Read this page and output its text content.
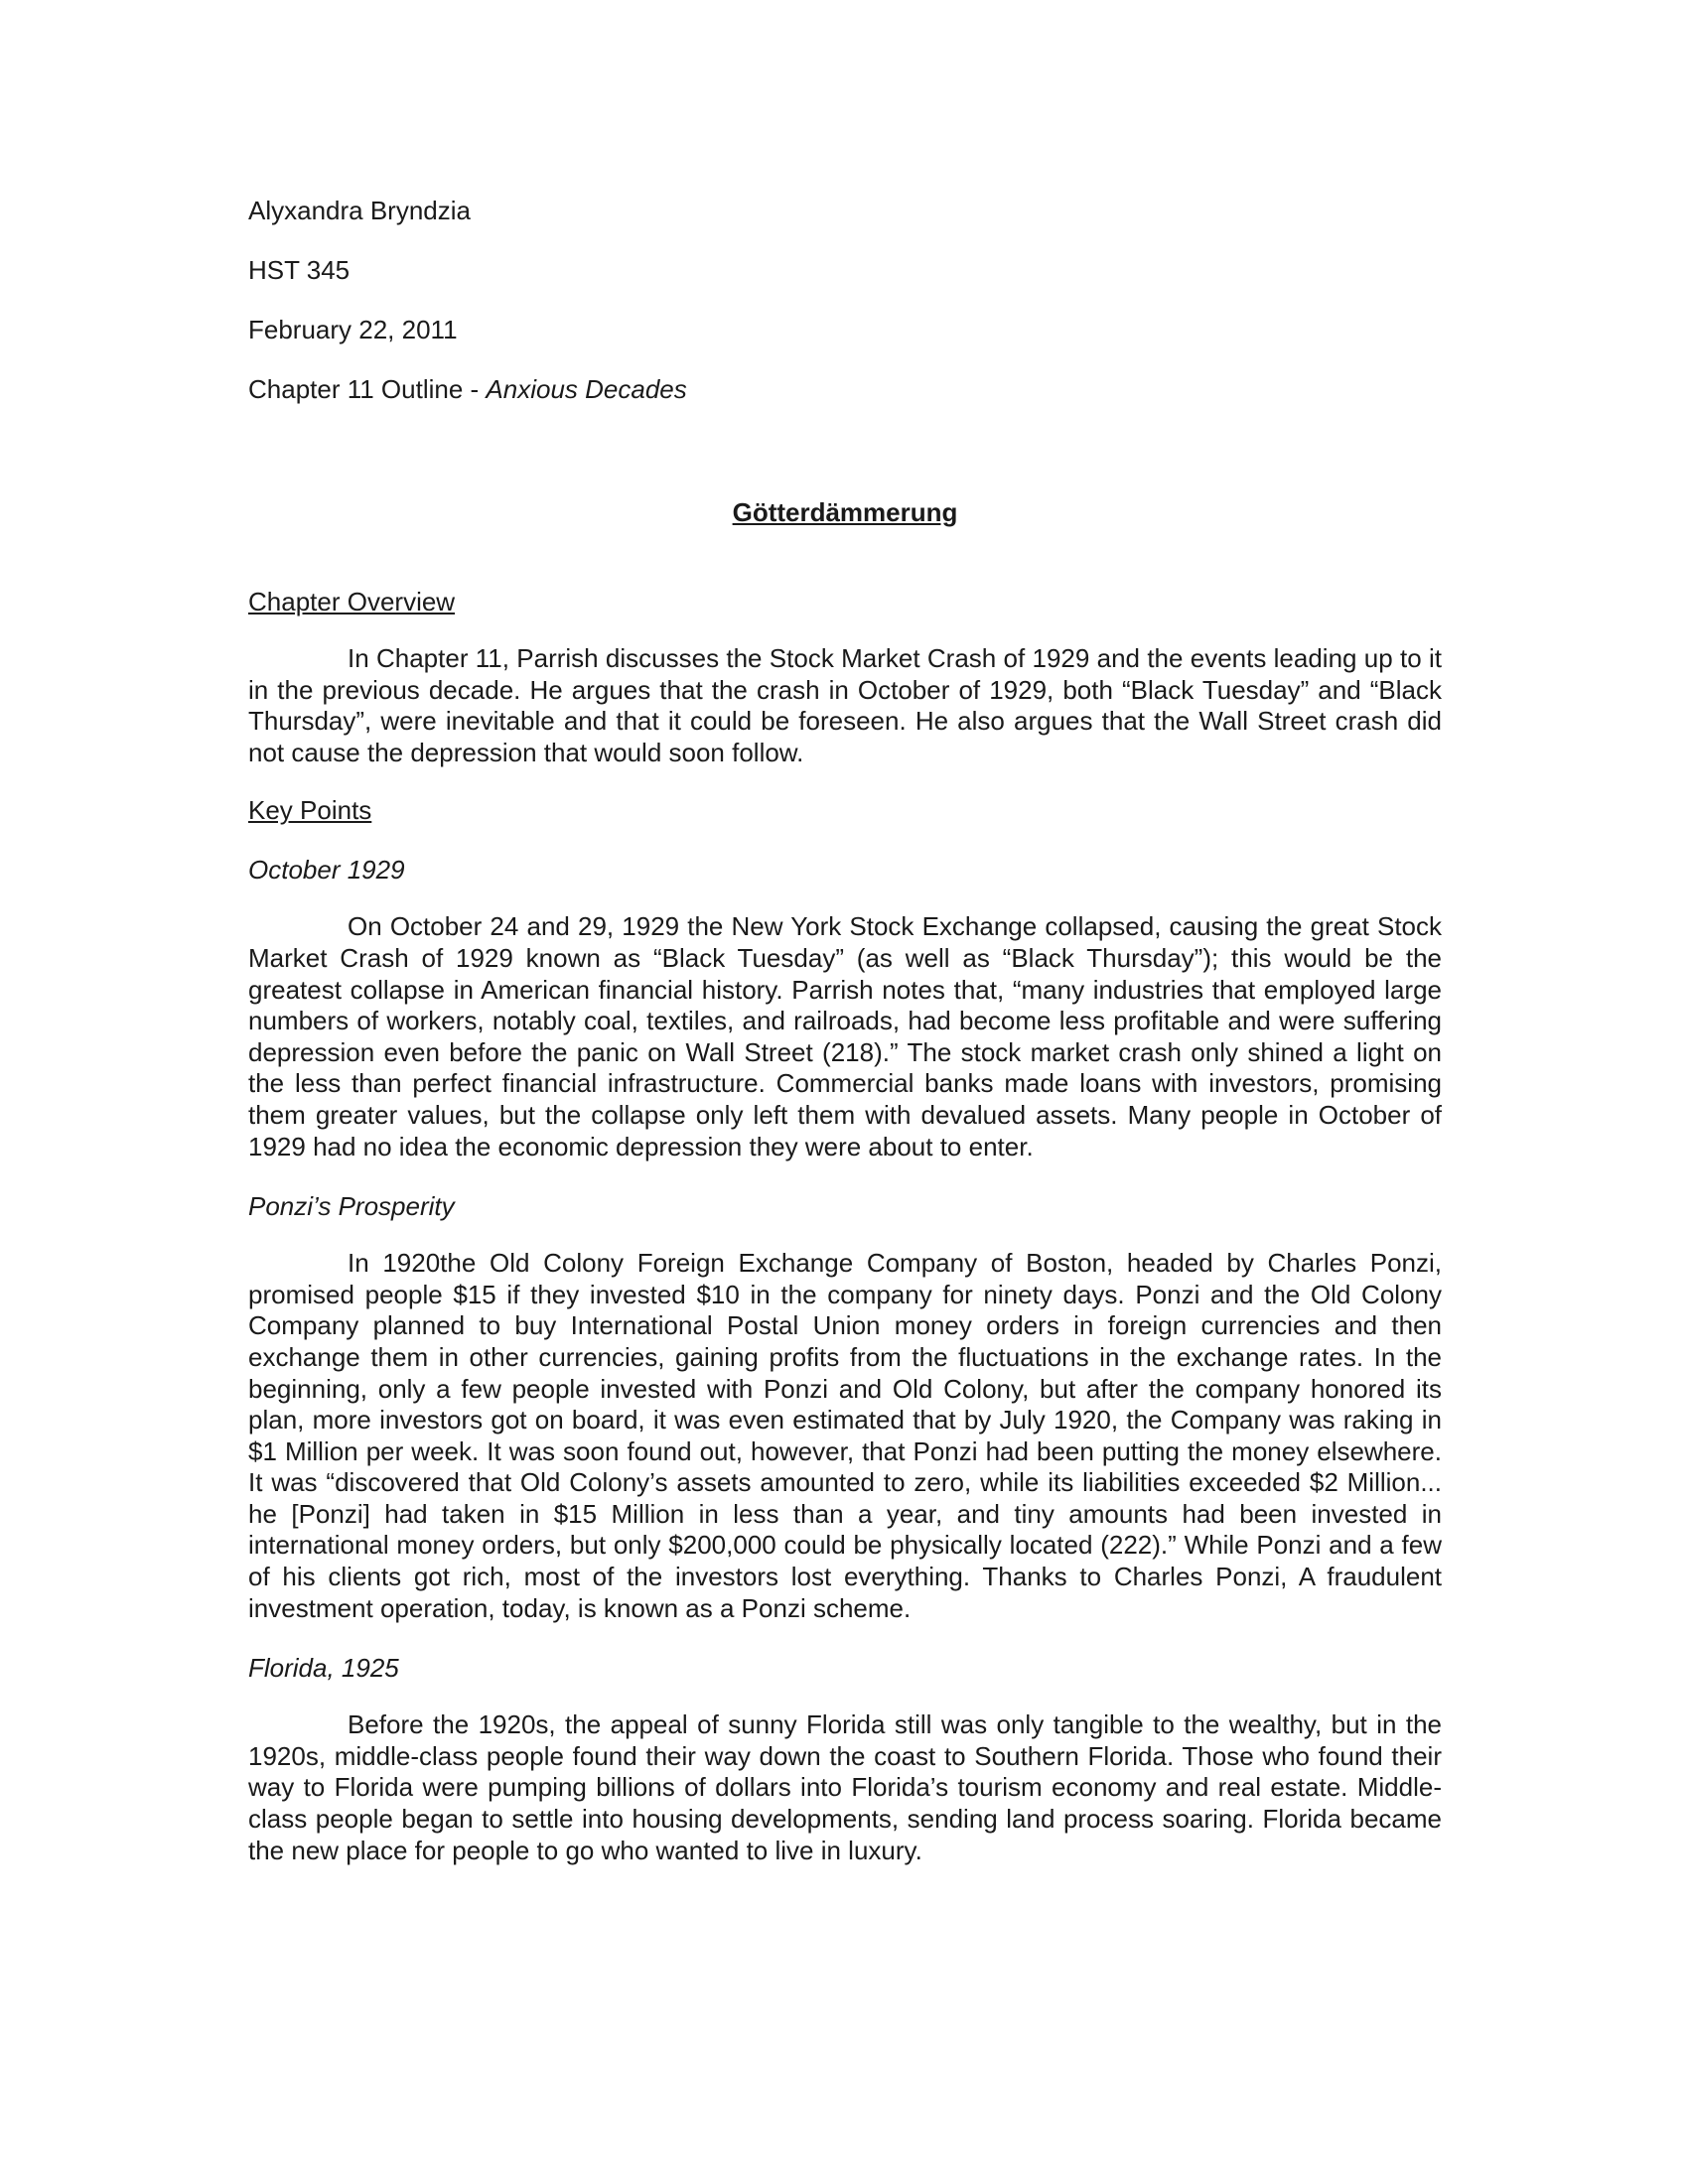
Alyxandra Bryndzia
HST 345
February 22, 2011
Chapter 11 Outline - Anxious Decades
Götterdämmerung
Chapter Overview

In Chapter 11, Parrish discusses the Stock Market Crash of 1929 and the events leading up to it in the previous decade. He argues that the crash in October of 1929, both “Black Tuesday” and “Black Thursday”, were inevitable and that it could be foreseen. He also argues that the Wall Street crash did not cause the depression that would soon follow.

Key Points
October 1929

On October 24 and 29, 1929 the New York Stock Exchange collapsed, causing the great Stock Market Crash of 1929 known as “Black Tuesday” (as well as “Black Thursday”); this would be the greatest collapse in American financial history. Parrish notes that, “many industries that employed large numbers of workers, notably coal, textiles, and railroads, had become less profitable and were suffering depression even before the panic on Wall Street (218).” The stock market crash only shined a light on the less than perfect financial infrastructure. Commercial banks made loans with investors, promising them greater values, but the collapse only left them with devalued assets. Many people in October of 1929 had no idea the economic depression they were about to enter.

Ponzi’s Prosperity

In 1920the Old Colony Foreign Exchange Company of Boston, headed by Charles Ponzi, promised people $15 if they invested $10 in the company for ninety days. Ponzi and the Old Colony Company planned to buy International Postal Union money orders in foreign currencies and then exchange them in other currencies, gaining profits from the fluctuations in the exchange rates. In the beginning, only a few people invested with Ponzi and Old Colony, but after the company honored its plan, more investors got on board, it was even estimated that by July 1920, the Company was raking in $1 Million per week. It was soon found out, however, that Ponzi had been putting the money elsewhere. It was “discovered that Old Colony’s assets amounted to zero, while its liabilities exceeded $2 Million... he [Ponzi] had taken in $15 Million in less than a year, and tiny amounts had been invested in international money orders, but only $200,000 could be physically located (222).” While Ponzi and a few of his clients got rich, most of the investors lost everything. Thanks to Charles Ponzi, A fraudulent investment operation, today, is known as a Ponzi scheme.

Florida, 1925

Before the 1920s, the appeal of sunny Florida still was only tangible to the wealthy, but in the 1920s, middle-class people found their way down the coast to Southern Florida. Those who found their way to Florida were pumping billions of dollars into Florida’s tourism economy and real estate. Middle-class people began to settle into housing developments, sending land process soaring. Florida became the new place for people to go who wanted to live in luxury.
